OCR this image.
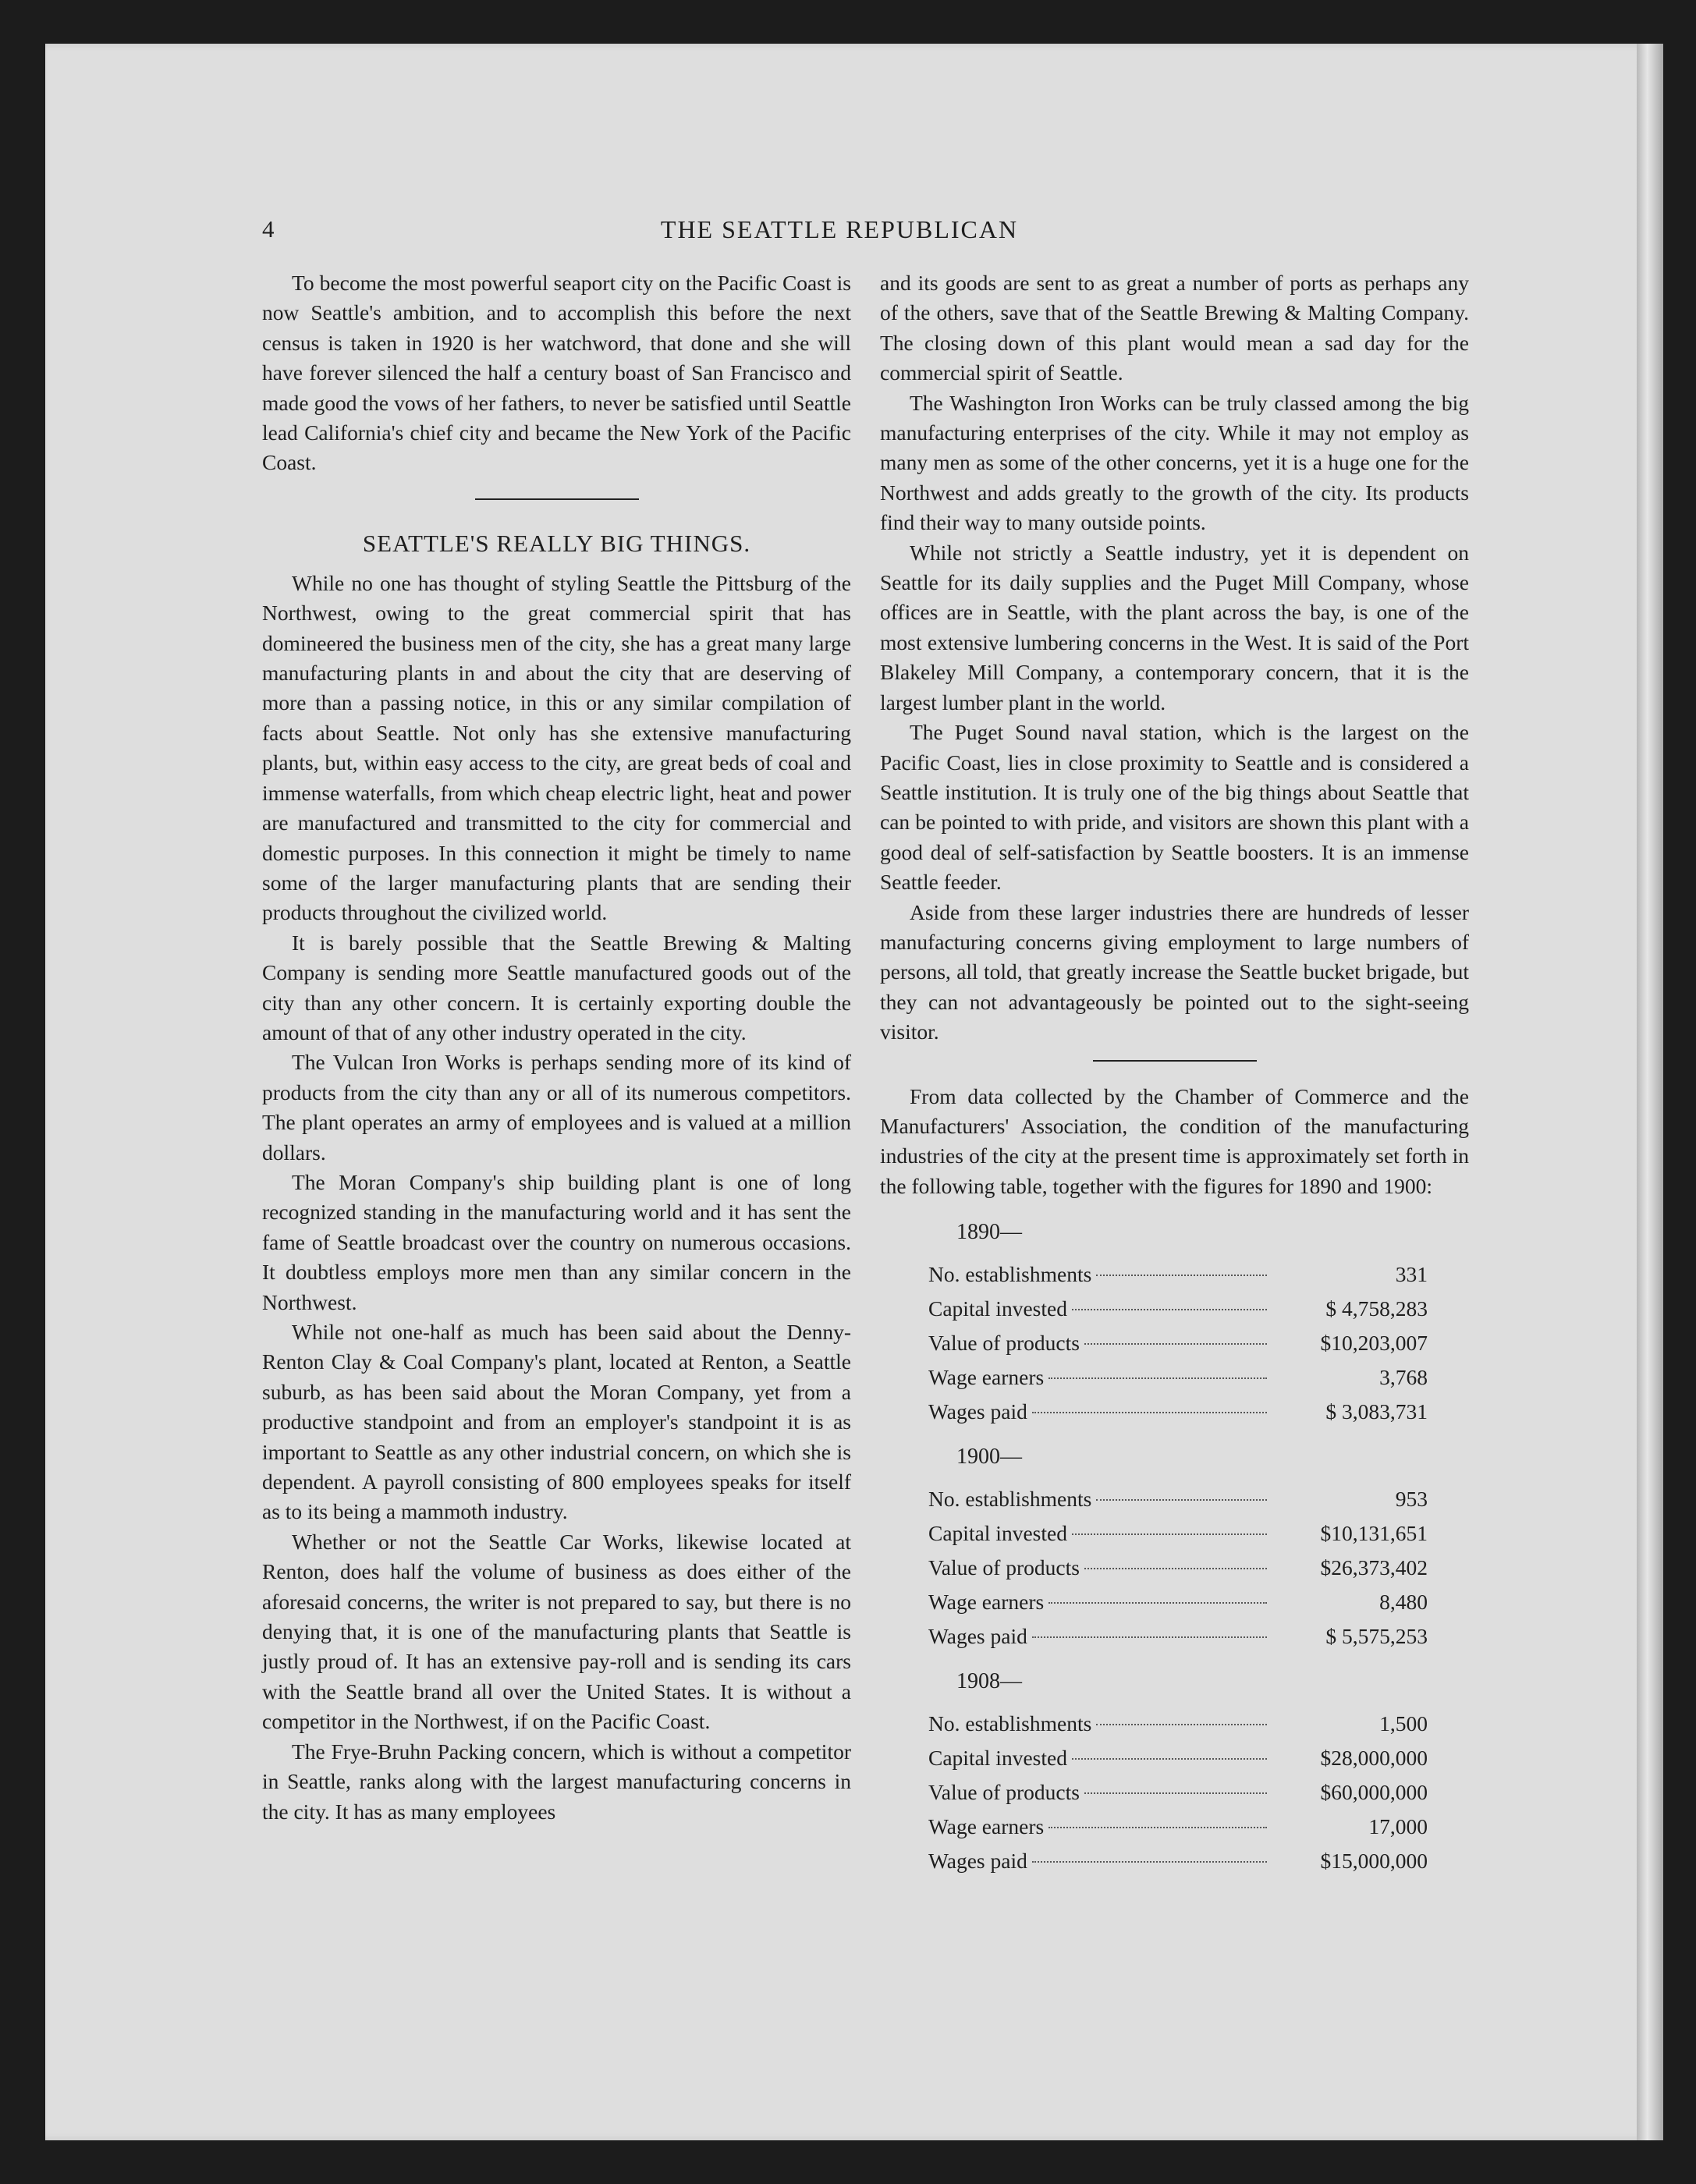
4	THE SEATTLE REPUBLICAN

To become the most powerful seaport city on the Pacific Coast is now Seattle's ambition, and to accomplish this before the next census is taken in 1920 is her watchword, that done and she will have forever silenced the half a century boast of San Francisco and made good the vows of her fathers, to never be satisfied until Seattle lead California's chief city and became the New York of the Pacific Coast.

SEATTLE'S REALLY BIG THINGS.

While no one has thought of styling Seattle the Pittsburg of the Northwest, owing to the great commercial spirit that has domineered the business men of the city, she has a great many large manufacturing plants in and about the city that are deserving of more than a passing notice, in this or any similar compilation of facts about Seattle. Not only has she extensive manufacturing plants, but, within easy access to the city, are great beds of coal and immense waterfalls, from which cheap electric light, heat and power are manufactured and transmitted to the city for commercial and domestic purposes. In this connection it might be timely to name some of the larger manufacturing plants that are sending their products throughout the civilized world.

It is barely possible that the Seattle Brewing & Malting Company is sending more Seattle manufactured goods out of the city than any other concern. It is certainly exporting double the amount of that of any other industry operated in the city.

The Vulcan Iron Works is perhaps sending more of its kind of products from the city than any or all of its numerous competitors. The plant operates an army of employees and is valued at a million dollars.

The Moran Company's ship building plant is one of long recognized standing in the manufacturing world and it has sent the fame of Seattle broadcast over the country on numerous occasions. It doubtless employs more men than any similar concern in the Northwest.

While not one-half as much has been said about the Denny-Renton Clay & Coal Company's plant, located at Renton, a Seattle suburb, as has been said about the Moran Company, yet from a productive standpoint and from an employer's standpoint it is as important to Seattle as any other industrial concern, on which she is dependent. A payroll consisting of 800 employees speaks for itself as to its being a mammoth industry.

Whether or not the Seattle Car Works, likewise located at Renton, does half the volume of business as does either of the aforesaid concerns, the writer is not prepared to say, but there is no denying that, it is one of the manufacturing plants that Seattle is justly proud of. It has an extensive pay-roll and is sending its cars with the Seattle brand all over the United States. It is without a competitor in the Northwest, if on the Pacific Coast.

The Frye-Bruhn Packing concern, which is without a competitor in Seattle, ranks along with the largest manufacturing concerns in the city. It has as many employees

and its goods are sent to as great a number of ports as perhaps any of the others, save that of the Seattle Brewing & Malting Company. The closing down of this plant would mean a sad day for the commercial spirit of Seattle.

The Washington Iron Works can be truly classed among the big manufacturing enterprises of the city. While it may not employ as many men as some of the other concerns, yet it is a huge one for the Northwest and adds greatly to the growth of the city. Its products find their way to many outside points.

While not strictly a Seattle industry, yet it is dependent on Seattle for its daily supplies and the Puget Mill Company, whose offices are in Seattle, with the plant across the bay, is one of the most extensive lumbering concerns in the West. It is said of the Port Blakeley Mill Company, a contemporary concern, that it is the largest lumber plant in the world.

The Puget Sound naval station, which is the largest on the Pacific Coast, lies in close proximity to Seattle and is considered a Seattle institution. It is truly one of the big things about Seattle that can be pointed to with pride, and visitors are shown this plant with a good deal of self-satisfaction by Seattle boosters. It is an immense Seattle feeder.

Aside from these larger industries there are hundreds of lesser manufacturing concerns giving employment to large numbers of persons, all told, that greatly increase the Seattle bucket brigade, but they can not advantageously be pointed out to the sight-seeing visitor.

From data collected by the Chamber of Commerce and the Manufacturers' Association, the condition of the manufacturing industries of the city at the present time is approximately set forth in the following table, together with the figures for 1890 and 1900:

1890—
No. establishments	331
Capital invested	$ 4,758,283
Value of products	$10,203,007
Wage earners	3,768
Wages paid	$ 3,083,731
1900—
No. establishments	953
Capital invested	$10,131,651
Value of products	$26,373,402
Wage earners	8,480
Wages paid	$ 5,575,253
1908—
No. establishments	1,500
Capital invested	$28,000,000
Value of products	$60,000,000
Wage earners	17,000
Wages paid	$15,000,000
